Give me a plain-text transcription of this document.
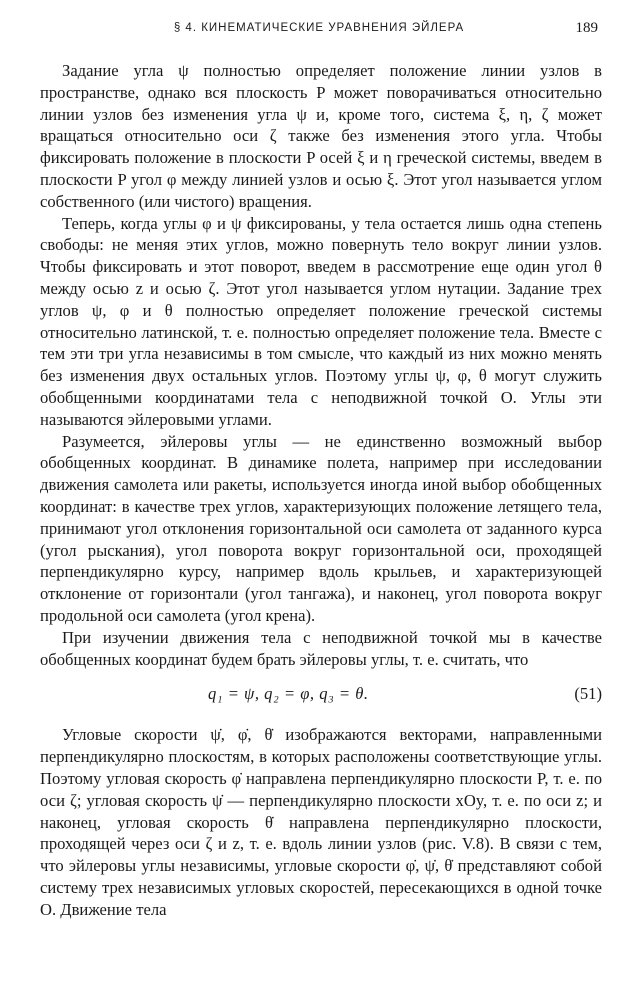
§ 4. КИНЕМАТИЧЕСКИЕ УРАВНЕНИЯ ЭЙЛЕРА	189

Задание угла ψ полностью определяет положение линии узлов в пространстве, однако вся плоскость P может поворачиваться относительно линии узлов без изменения угла ψ и, кроме того, система ξ, η, ζ может вращаться относительно оси ζ также без изменения этого угла. Чтобы фиксировать положение в плоскости P осей ξ и η греческой системы, введем в плоскости P угол φ между линией узлов и осью ξ. Этот угол называется углом собственного (или чистого) вращения.

Теперь, когда углы φ и ψ фиксированы, у тела остается лишь одна степень свободы: не меняя этих углов, можно повернуть тело вокруг линии узлов. Чтобы фиксировать и этот поворот, введем в рассмотрение еще один угол θ между осью z и осью ζ. Этот угол называется углом нутации. Задание трех углов ψ, φ и θ полностью определяет положение греческой системы относительно латинской, т. е. полностью определяет положение тела. Вместе с тем эти три угла независимы в том смысле, что каждый из них можно менять без изменения двух остальных углов. Поэтому углы ψ, φ, θ могут служить обобщенными координатами тела с неподвижной точкой O. Углы эти называются эйлеровыми углами.

Разумеется, эйлеровы углы — не единственно возможный выбор обобщенных координат. В динамике полета, например при исследовании движения самолета или ракеты, используется иногда иной выбор обобщенных координат: в качестве трех углов, характеризующих положение летящего тела, принимают угол отклонения горизонтальной оси самолета от заданного курса (угол рыскания), угол поворота вокруг горизонтальной оси, проходящей перпендикулярно курсу, например вдоль крыльев, и характеризующей отклонение от горизонтали (угол тангажа), и наконец, угол поворота вокруг продольной оси самолета (угол крена).

При изучении движения тела с неподвижной точкой мы в качестве обобщенных координат будем брать эйлеровы углы, т. е. считать, что

q₁ = ψ, q₂ = φ, q₃ = θ.	(51)

Угловые скорости ψ̇, φ̇, θ̇ изображаются векторами, направленными перпендикулярно плоскостям, в которых расположены соответствующие углы. Поэтому угловая скорость φ̇ направлена перпендикулярно плоскости P, т. е. по оси ζ; угловая скорость ψ̇ — перпендикулярно плоскости xOy, т. е. по оси z; и наконец, угловая скорость θ̇ направлена перпендикулярно плоскости, проходящей через оси ζ и z, т. е. вдоль линии узлов (рис. V.8). В связи с тем, что эйлеровы углы независимы, угловые скорости φ̇, ψ̇, θ̇ представляют собой систему трех независимых угловых скоростей, пересекающихся в одной точке O. Движение тела
